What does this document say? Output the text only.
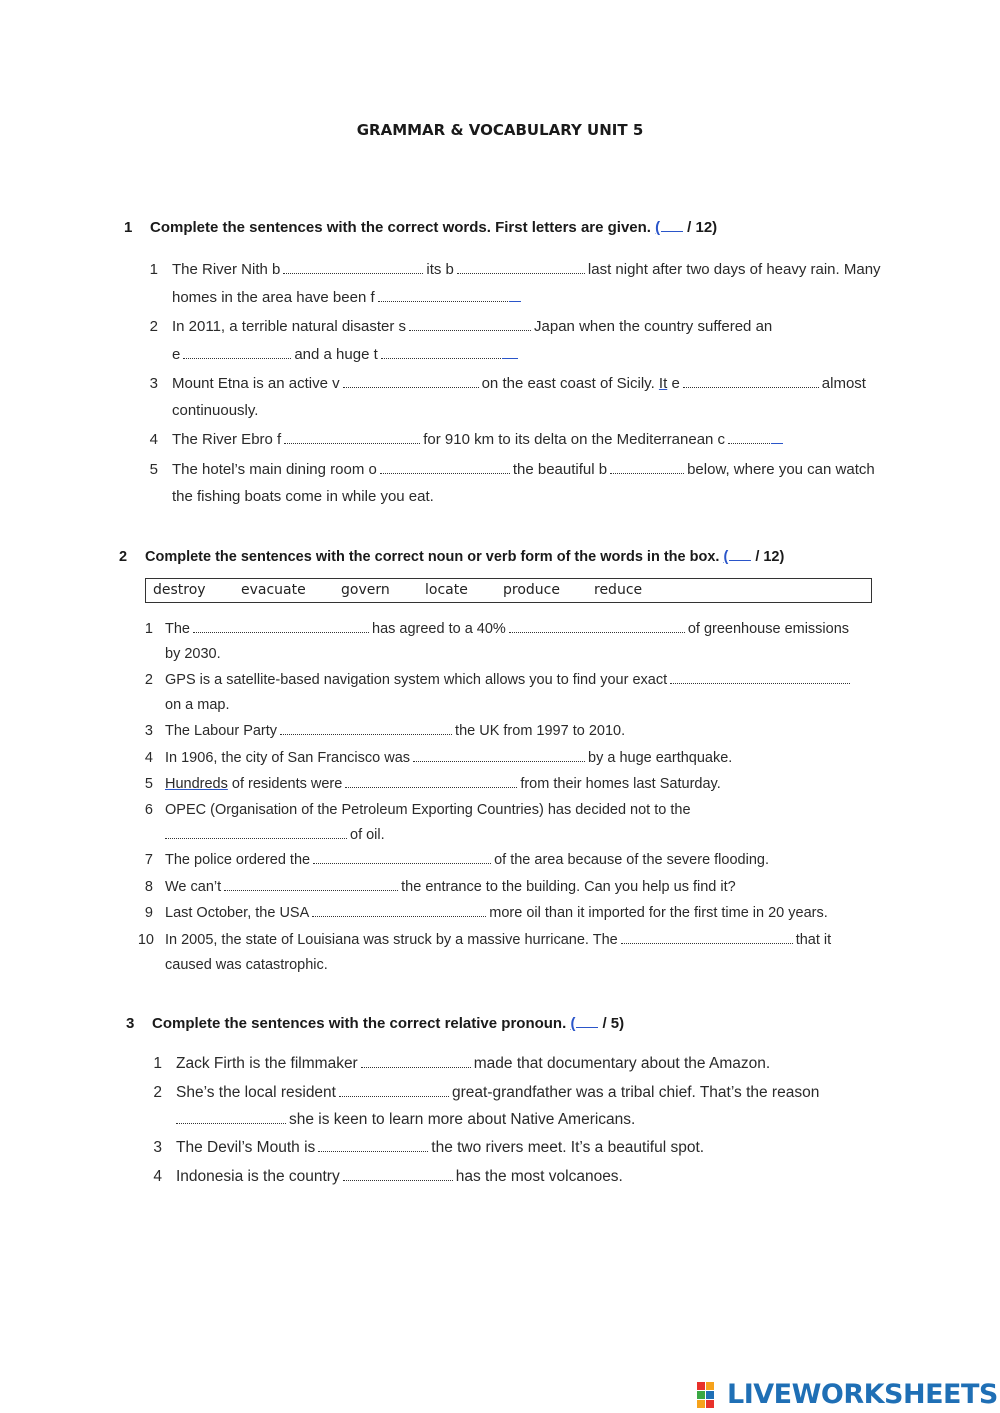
GRAMMAR & VOCABULARY UNIT 5
1 Complete the sentences with the correct words. First letters are given. ( / 12)
1 The River Nith b	its b	last night after two days of heavy rain. Many
homes in the area have been f
2 In 2011, a terrible natural disaster s	Japan when the country suffered an
e	and a huge t
3 Mount Etna is an active v	on the east coast of Sicily. It e	almost
continuously.
4 The River Ebro f	for 910 km to its delta on the Mediterranean c
5 The hotel’s main dining room o	the beautiful b	below, where you can watch
the fishing boats come in while you eat.
2 Complete the sentences with the correct noun or verb form of the words in the box. ( / 12)
destroy	evacuate	govern	locate	produce reduce
1 The	has agreed to a 40%	of greenhouse emissions
by 2030.
2 GPS is a satellite-based navigation system which allows you to find your exact
on a map.
3 The Labour Party	the UK from 1997 to 2010.
4 In 1906, the city of San Francisco was	by a huge earthquake.
5 Hundreds of residents were	from their homes last Saturday.
6 OPEC (Organisation of the Petroleum Exporting Countries) has decided not to the
of oil.
7 The police ordered the	of the area because of the severe flooding.
8 We can’t	the entrance to the building. Can you help us find it?
9 Last October, the USA	more oil than it imported for the first time in 20 years.
10 In 2005, the state of Louisiana was struck by a massive hurricane. The	that it
caused was catastrophic.
3 Complete the sentences with the correct relative pronoun. ( / 5)
1 Zack Firth is the filmmaker	made that documentary about the Amazon.
2 She’s the local resident	great-grandfather was a tribal chief. That’s the reason
she is keen to learn more about Native Americans.
3 The Devil’s Mouth is	the two rivers meet. It’s a beautiful spot.
4 Indonesia is the country	has the most volcanoes.
LIVEWORKSHEETS
